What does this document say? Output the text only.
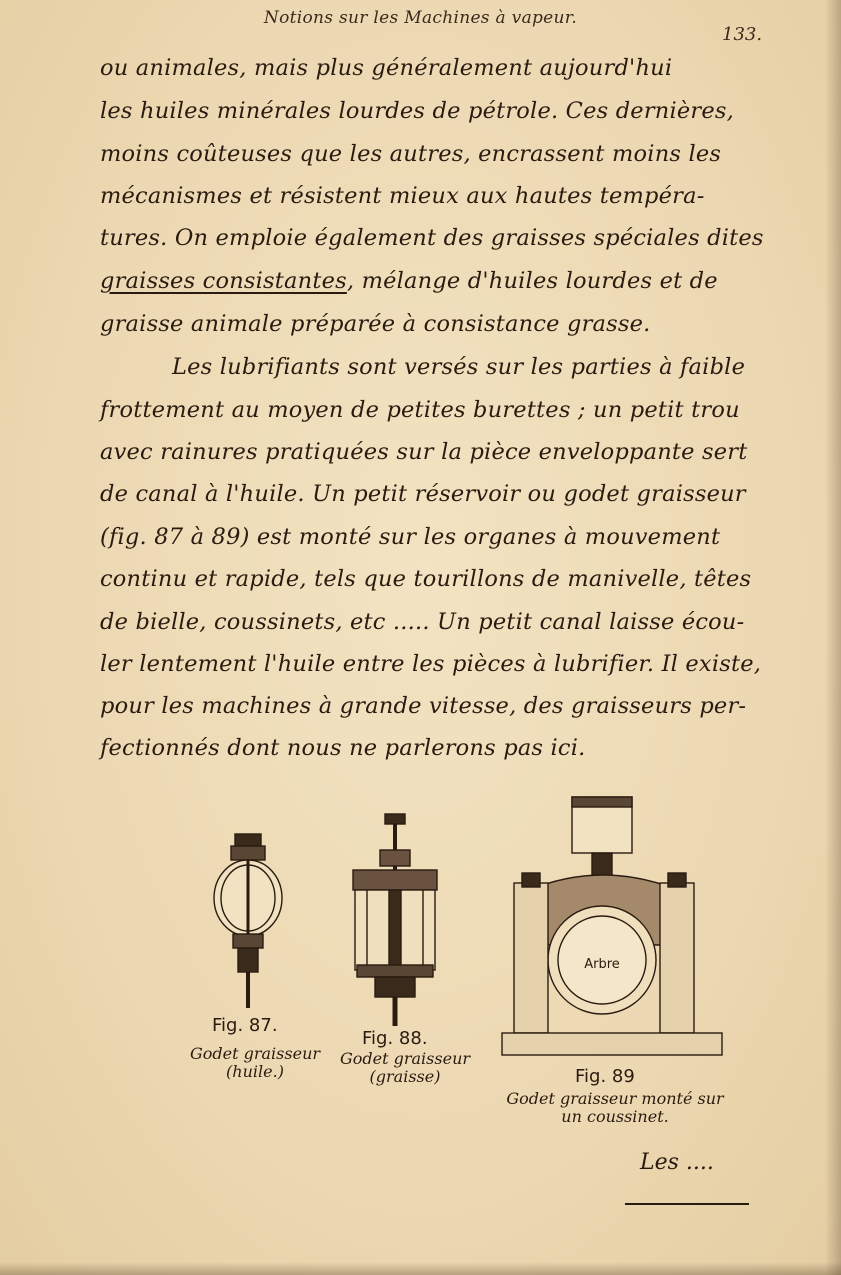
Notions sur les Machines à vapeur.
133.
ou animales, mais plus généralement aujourd'hui
les huiles minérales lourdes de pétrole. Ces dernières,
moins coûteuses que les autres, encrassent moins les
mécanismes et résistent mieux aux hautes tempéra-
tures. On emploie également des graisses spéciales dites
graisses consistantes, mélange d'huiles lourdes et de
graisse animale préparée à consistance grasse.
Les lubrifiants sont versés sur les parties à faible
frottement au moyen de petites burettes ; un petit trou
avec rainures pratiquées sur la pièce enveloppante sert
de canal à l'huile. Un petit réservoir ou godet graisseur
(fig. 87 à 89) est monté sur les organes à mouvement
continu et rapide, tels que tourillons de manivelle, têtes
de bielle, coussinets, etc ..... Un petit canal laisse écou-
ler lentement l'huile entre les pièces à lubrifier. Il existe,
pour les machines à grande vitesse, des graisseurs per-
fectionnés dont nous ne parlerons pas ici.
Fig. 87.
Godet graisseur
(huile.)
Fig. 88.
Godet graisseur
(graisse)
Arbre
Fig. 89
Godet graisseur monté sur
un coussinet.
Les ....
